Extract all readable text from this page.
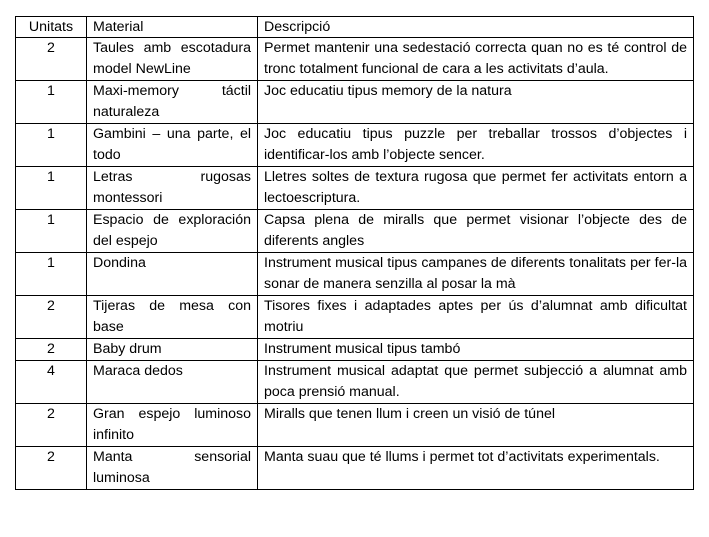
Unitats	Material	Descripció
2	Taules amb escotadura model NewLine	Permet mantenir una sedestació correcta quan no es té control de tronc totalment funcional de cara a les activitats d’aula.
1	Maxi-memory táctil naturaleza	Joc educatiu tipus memory de la natura
1	Gambini – una parte, el todo	Joc educatiu tipus puzzle per treballar trossos d’objectes i identificar-los amb l’objecte sencer.
1	Letras rugosas montessori	Lletres soltes de textura rugosa que permet fer activitats entorn a lectoescriptura.
1	Espacio de exploración del espejo	Capsa plena de miralls que permet visionar l’objecte des de diferents angles
1	Dondina	Instrument musical tipus campanes de diferents tonalitats per fer-la sonar de manera senzilla al posar la mà
2	Tijeras de mesa con base	Tisores fixes i adaptades aptes per ús d’alumnat amb dificultat motriu
2	Baby drum	Instrument musical tipus tambó
4	Maraca dedos	Instrument musical adaptat que permet subjecció a alumnat amb poca prensió manual.
2	Gran espejo luminoso infinito	Miralls que tenen llum i creen un visió de túnel
2	Manta sensorial luminosa	Manta suau que té llums i permet tot d’activitats experimentals.
